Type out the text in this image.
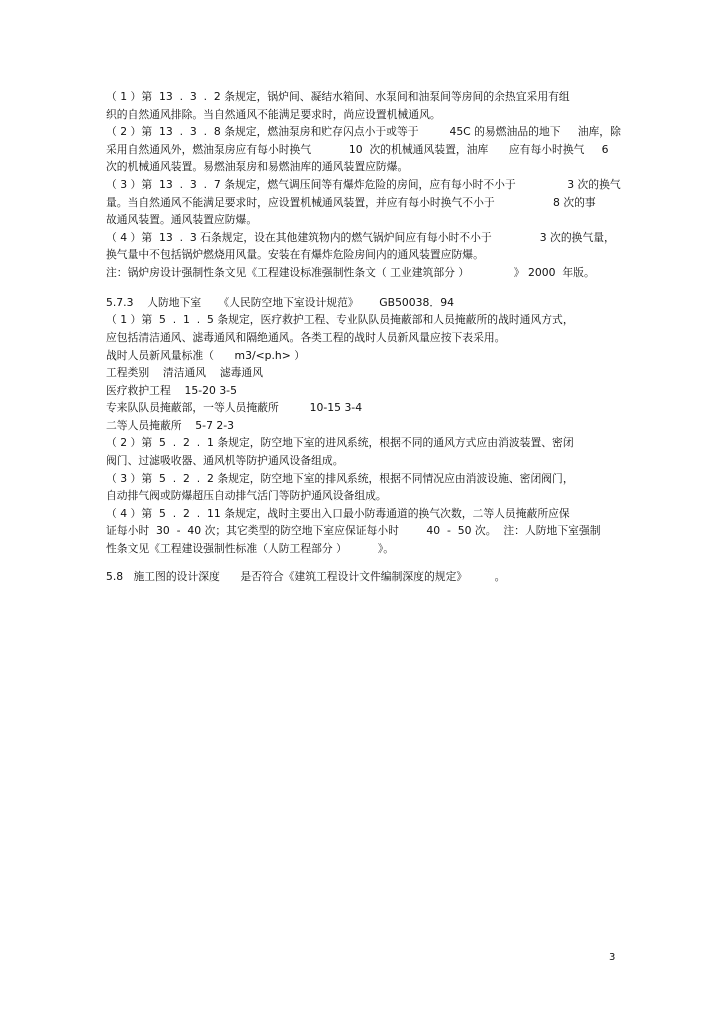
（ 1 ）第  13  .  3  .  2 条规定，锅炉间、凝结水箱间、水泵间和油泵间等房间的余热宜采用有组
织的自然通风排除。当自然通风不能满足要求时，尚应设置机械通风。
（ 2 ）第  13  .  3  .  8 条规定，燃油泵房和贮存闪点小于或等于         45C 的易燃油品的地下     油库，除
采用自然通风外，燃油泵房应有每小时换气           10  次的机械通风装置，油库      应有每小时换气     6
次的机械通风装置。易燃油泵房和易燃油库的通风装置应防爆。
（ 3 ）第  13  .  3  .  7 条规定，燃气调压间等有爆炸危险的房间，应有每小时不小于               3 次的换气
量。当自然通风不能满足要求时，应设置机械通风装置，并应有每小时换气不小于                 8 次的事
故通风装置。通风装置应防爆。
（ 4 ）第  13  .  3 石条规定，设在其他建筑物内的燃气锅炉间应有每小时不小于              3 次的换气量，
换气量中不包括锅炉燃烧用风量。安装在有爆炸危险房间内的通风装置应防爆。
注：锅炉房设计强制性条文见《工程建设标准强制性条文（ 工业建筑部分 ）             》 2000  年版。
5.7.3    人防地下室     《人民防空地下室设计规范》      GB50038．94
（ 1 ）第  5  .  1  .  5 条规定，医疗救护工程、专业队队员掩蔽部和人员掩蔽所的战时通风方式，
应包括清洁通风、滤毒通风和隔绝通风。各类工程的战时人员新风量应按下表采用。
战时人员新风量标准（      m3/<p.h> ）
工程类别    清洁通风    滤毒通风
医疗救护工程    15-20 3-5
专来队队员掩蔽部，一等人员掩蔽所         10-15 3-4
二等人员掩蔽所    5-7 2-3
（ 2 ）第  5  .  2  .  1 条规定，防空地下室的进风系统，根据不同的通风方式应由消波装置、密闭
阀门、过滤吸收器、通风机等防护通风设备组成。
（ 3 ）第  5  .  2  .  2 条规定，防空地下室的排风系统，根据不同情况应由消波设施、密闭阀门，
自动排气阀或防爆超压自动排气活门等防护通风设备组成。
（ 4 ）第  5  .  2  .  11 条规定，战时主要出入口最小防毒通道的换气次数，二等人员掩蔽所应保
证每小时  30  -  40 次；其它类型的防空地下室应保证每小时        40  -  50 次。  注：人防地下室强制
性条文见《工程建设强制性标准（人防工程部分 ）         》。
5.8   施工图的设计深度      是否符合《建筑工程设计文件编制深度的规定》        。
3
